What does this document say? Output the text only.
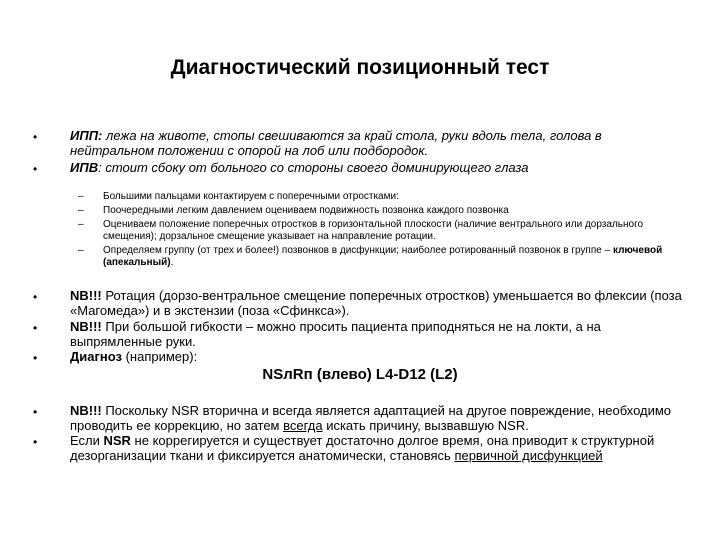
Диагностический позиционный тест
•	ИПП: лежа на животе, стопы свешиваются за край стола, руки вдоль тела, голова в нейтральном положении с опорой на лоб или подбородок.
•	ИПВ: стоит сбоку от больного со стороны своего доминирующего глаза
– Большими пальцами контактируем с поперечными отростками:
– Поочередными легким давлением оцениваем подвижность позвонка каждого позвонка
– Оцениваем положение поперечных отростков в горизонтальной плоскости (наличие вентрального или дорзального смещения); дорзальное смещение указывает на направление ротации.
– Определяем группу (от трех и более!) позвонков в дисфункции; наиболее ротированный позвонок в группе – ключевой (апекальный).
•	NB!!! Ротация (дорзо-вентральное смещение поперечных отростков) уменьшается во флексии (поза «Магомеда») и в экстензии (поза «Сфинкса»).
•	NB!!! При большой гибкости – можно просить пациента приподняться не на локти, а на выпрямленные руки.
•	Диагноз (например):
NSлRп (влево) L4-D12 (L2)
•	NB!!! Поскольку NSR вторична и всегда является адаптацией на другое повреждение, необходимо проводить ее коррекцию, но затем всегда искать причину, вызвавшую NSR.
•	Если NSR не коррегируется и существует достаточно долгое время, она приводит к структурной дезорганизации ткани и фиксируется анатомически, становясь первичной дисфункцией
